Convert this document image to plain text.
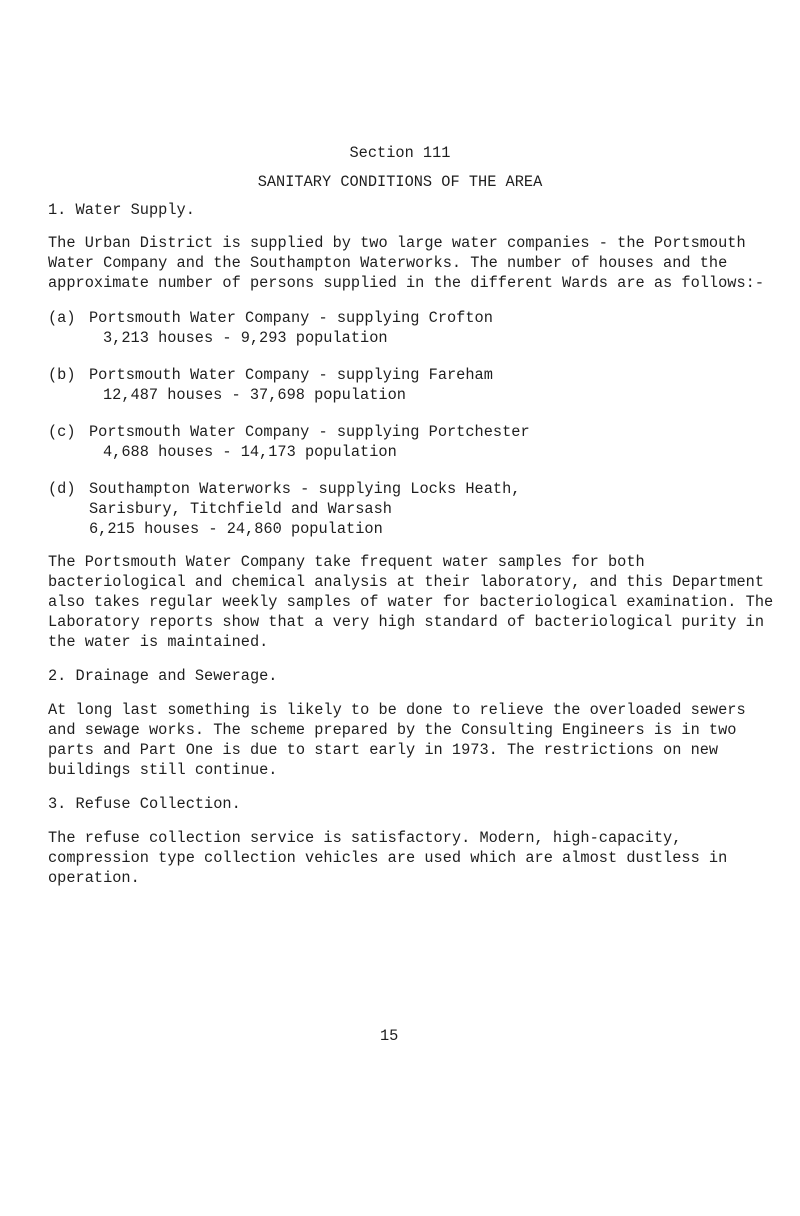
Section 111
SANITARY CONDITIONS OF THE AREA
1. Water Supply.
The Urban District is supplied by two large water companies - the Portsmouth
Water Company and the Southampton Waterworks. The number of houses and the
approximate number of persons supplied in the different Wards are as follows:-
(a) Portsmouth Water Company - supplying Crofton
3,213 houses - 9,293 population
(b) Portsmouth Water Company - supplying Fareham
12,487 houses - 37,698 population
(c) Portsmouth Water Company - supplying Portchester
4,688 houses - 14,173 population
(d) Southampton Waterworks - supplying Locks Heath,
Sarisbury, Titchfield and Warsash
6,215 houses - 24,860 population
The Portsmouth Water Company take frequent water samples for both
bacteriological and chemical analysis at their laboratory, and this Department
also takes regular weekly samples of water for bacteriological examination. The
Laboratory reports show that a very high standard of bacteriological purity in
the water is maintained.
2. Drainage and Sewerage.
At long last something is likely to be done to relieve the overloaded sewers
and sewage works. The scheme prepared by the Consulting Engineers is in two
parts and Part One is due to start early in 1973. The restrictions on new
buildings still continue.
3. Refuse Collection.
The refuse collection service is satisfactory. Modern, high-capacity,
compression type collection vehicles are used which are almost dustless in
operation.
15
